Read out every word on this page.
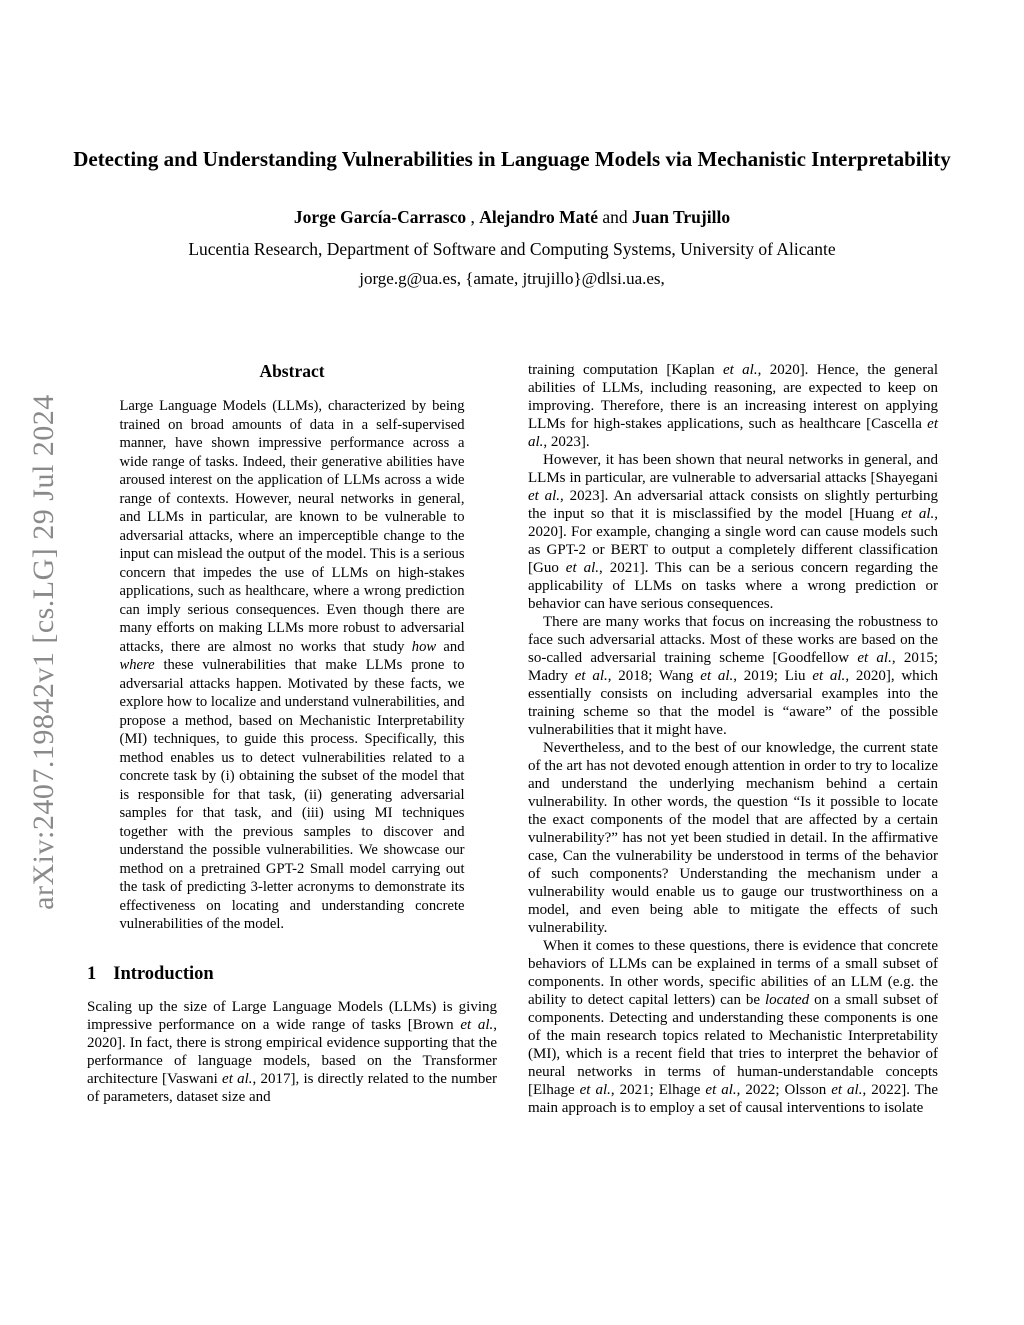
arXiv:2407.19842v1 [cs.LG] 29 Jul 2024
Detecting and Understanding Vulnerabilities in Language Models via Mechanistic Interpretability
Jorge García-Carrasco , Alejandro Maté and Juan Trujillo
Lucentia Research, Department of Software and Computing Systems, University of Alicante
jorge.g@ua.es, {amate, jtrujillo}@dlsi.ua.es,
Abstract

Large Language Models (LLMs), characterized by being trained on broad amounts of data in a self-supervised manner, have shown impressive performance across a wide range of tasks. Indeed, their generative abilities have aroused interest on the application of LLMs across a wide range of contexts. However, neural networks in general, and LLMs in particular, are known to be vulnerable to adversarial attacks, where an imperceptible change to the input can mislead the output of the model. This is a serious concern that impedes the use of LLMs on high-stakes applications, such as healthcare, where a wrong prediction can imply serious consequences. Even though there are many efforts on making LLMs more robust to adversarial attacks, there are almost no works that study how and where these vulnerabilities that make LLMs prone to adversarial attacks happen. Motivated by these facts, we explore how to localize and understand vulnerabilities, and propose a method, based on Mechanistic Interpretability (MI) techniques, to guide this process. Specifically, this method enables us to detect vulnerabilities related to a concrete task by (i) obtaining the subset of the model that is responsible for that task, (ii) generating adversarial samples for that task, and (iii) using MI techniques together with the previous samples to discover and understand the possible vulnerabilities. We showcase our method on a pretrained GPT-2 Small model carrying out the task of predicting 3-letter acronyms to demonstrate its effectiveness on locating and understanding concrete vulnerabilities of the model.

1 Introduction

Scaling up the size of Large Language Models (LLMs) is giving impressive performance on a wide range of tasks [Brown et al., 2020]. In fact, there is strong empirical evidence supporting that the performance of language models, based on the Transformer architecture [Vaswani et al., 2017], is directly related to the number of parameters, dataset size and

training computation [Kaplan et al., 2020]. Hence, the general abilities of LLMs, including reasoning, are expected to keep on improving. Therefore, there is an increasing interest on applying LLMs for high-stakes applications, such as healthcare [Cascella et al., 2023].

However, it has been shown that neural networks in general, and LLMs in particular, are vulnerable to adversarial attacks [Shayegani et al., 2023]. An adversarial attack consists on slightly perturbing the input so that it is misclassified by the model [Huang et al., 2020]. For example, changing a single word can cause models such as GPT-2 or BERT to output a completely different classification [Guo et al., 2021]. This can be a serious concern regarding the applicability of LLMs on tasks where a wrong prediction or behavior can have serious consequences.

There are many works that focus on increasing the robustness to face such adversarial attacks. Most of these works are based on the so-called adversarial training scheme [Goodfellow et al., 2015; Madry et al., 2018; Wang et al., 2019; Liu et al., 2020], which essentially consists on including adversarial examples into the training scheme so that the model is “aware” of the possible vulnerabilities that it might have.

Nevertheless, and to the best of our knowledge, the current state of the art has not devoted enough attention in order to try to localize and understand the underlying mechanism behind a certain vulnerability. In other words, the question “Is it possible to locate the exact components of the model that are affected by a certain vulnerability?” has not yet been studied in detail. In the affirmative case, Can the vulnerability be understood in terms of the behavior of such components? Understanding the mechanism under a vulnerability would enable us to gauge our trustworthiness on a model, and even being able to mitigate the effects of such vulnerability.

When it comes to these questions, there is evidence that concrete behaviors of LLMs can be explained in terms of a small subset of components. In other words, specific abilities of an LLM (e.g. the ability to detect capital letters) can be located on a small subset of components. Detecting and understanding these components is one of the main research topics related to Mechanistic Interpretability (MI), which is a recent field that tries to interpret the behavior of neural networks in terms of human-understandable concepts [Elhage et al., 2021; Elhage et al., 2022; Olsson et al., 2022]. The main approach is to employ a set of causal interventions to isolate
